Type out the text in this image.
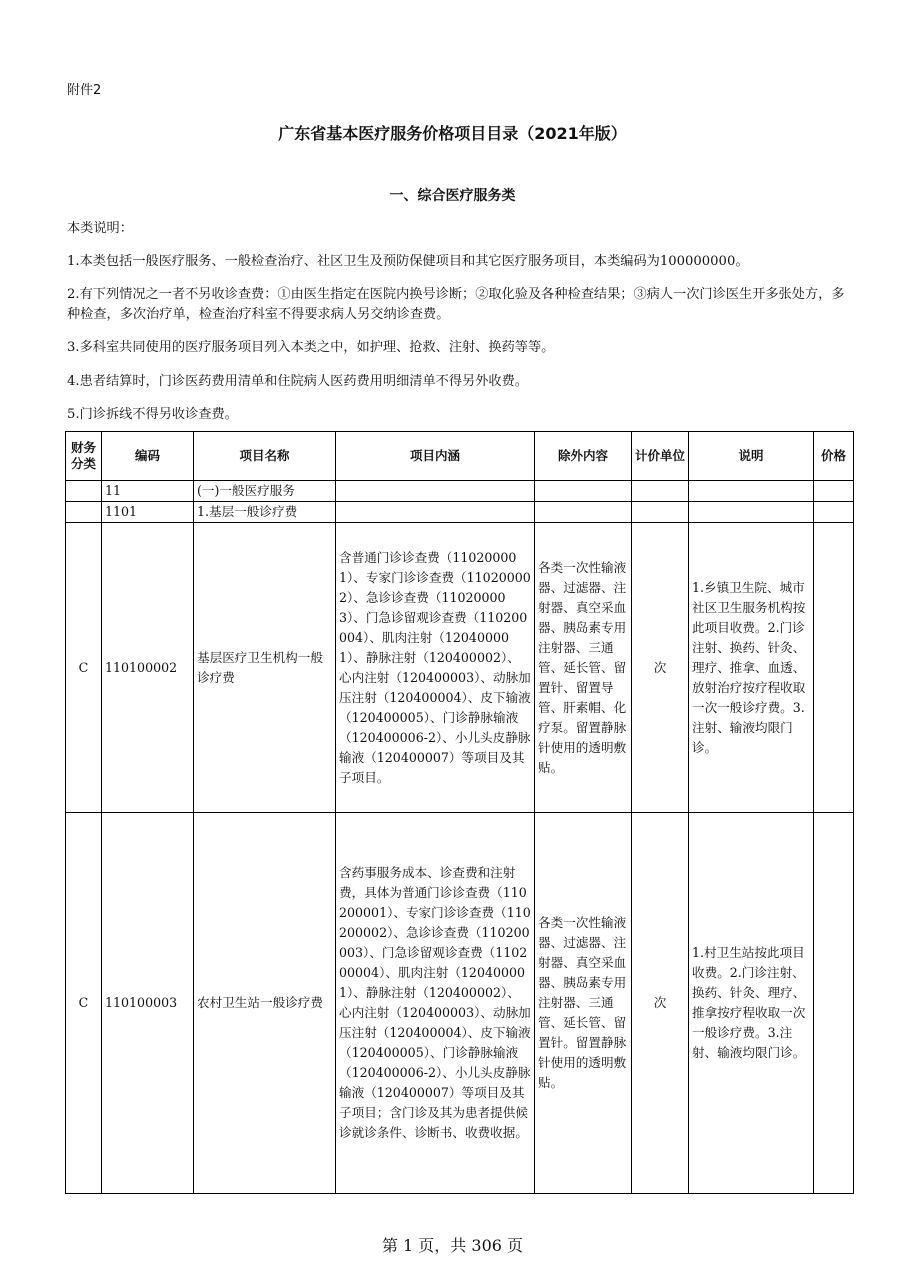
附件2
广东省基本医疗服务价格项目目录（2021年版）
一、综合医疗服务类
本类说明：
1.本类包括一般医疗服务、一般检查治疗、社区卫生及预防保健项目和其它医疗服务项目，本类编码为100000000。
2.有下列情况之一者不另收诊查费：①由医生指定在医院内换号诊断；②取化验及各种检查结果；③病人一次门诊医生开多张处方，多种检查，多次治疗单，检查治疗科室不得要求病人另交纳诊查费。
3.多科室共同使用的医疗服务项目列入本类之中，如护理、抢救、注射、换药等等。
4.患者结算时，门诊医药费用清单和住院病人医药费用明细清单不得另外收费。
5.门诊拆线不得另收诊查费。
财务分类	编码	项目名称	项目内涵	除外内容	计价单位	说明	价格
	11	(一)一般医疗服务					
	1101	1.基层一般诊疗费					
C	110100002	基层医疗卫生机构一般诊疗费	含普通门诊诊查费（110200001）、专家门诊诊查费（110200002）、急诊诊查费（110200003）、门急诊留观诊查费（110200004）、肌肉注射（120400001）、静脉注射（120400002）、心内注射（120400003）、动脉加压注射（120400004）、皮下输液（120400005）、门诊静脉输液（120400006-2）、小儿头皮静脉输液（120400007）等项目及其子项目。	各类一次性输液器、过滤器、注射器、真空采血器、胰岛素专用注射器、三通管、延长管、留置针、留置导管、肝素帽、化疗泵。留置静脉针使用的透明敷贴。	次	1.乡镇卫生院、城市社区卫生服务机构按此项目收费。2.门诊注射、换药、针灸、理疗、推拿、血透、放射治疗按疗程收取一次一般诊疗费。3.注射、输液均限门诊。	
C	110100003	农村卫生站一般诊疗费	含药事服务成本、诊查费和注射费，具体为普通门诊诊查费（110200001）、专家门诊诊查费（110200002）、急诊诊查费（110200003）、门急诊留观诊查费（110200004）、肌肉注射（120400001）、静脉注射（120400002）、心内注射（120400003）、动脉加压注射（120400004）、皮下输液（120400005）、门诊静脉输液（120400006-2）、小儿头皮静脉输液（120400007）等项目及其子项目；含门诊及其为患者提供候诊就诊条件、诊断书、收费收据。	各类一次性输液器、过滤器、注射器、真空采血器、胰岛素专用注射器、三通管、延长管、留置针。留置静脉针使用的透明敷贴。	次	1.村卫生站按此项目收费。2.门诊注射、换药、针灸、理疗、推拿按疗程收取一次一般诊疗费。3.注射、输液均限门诊。	
第 1 页，共 306 页
